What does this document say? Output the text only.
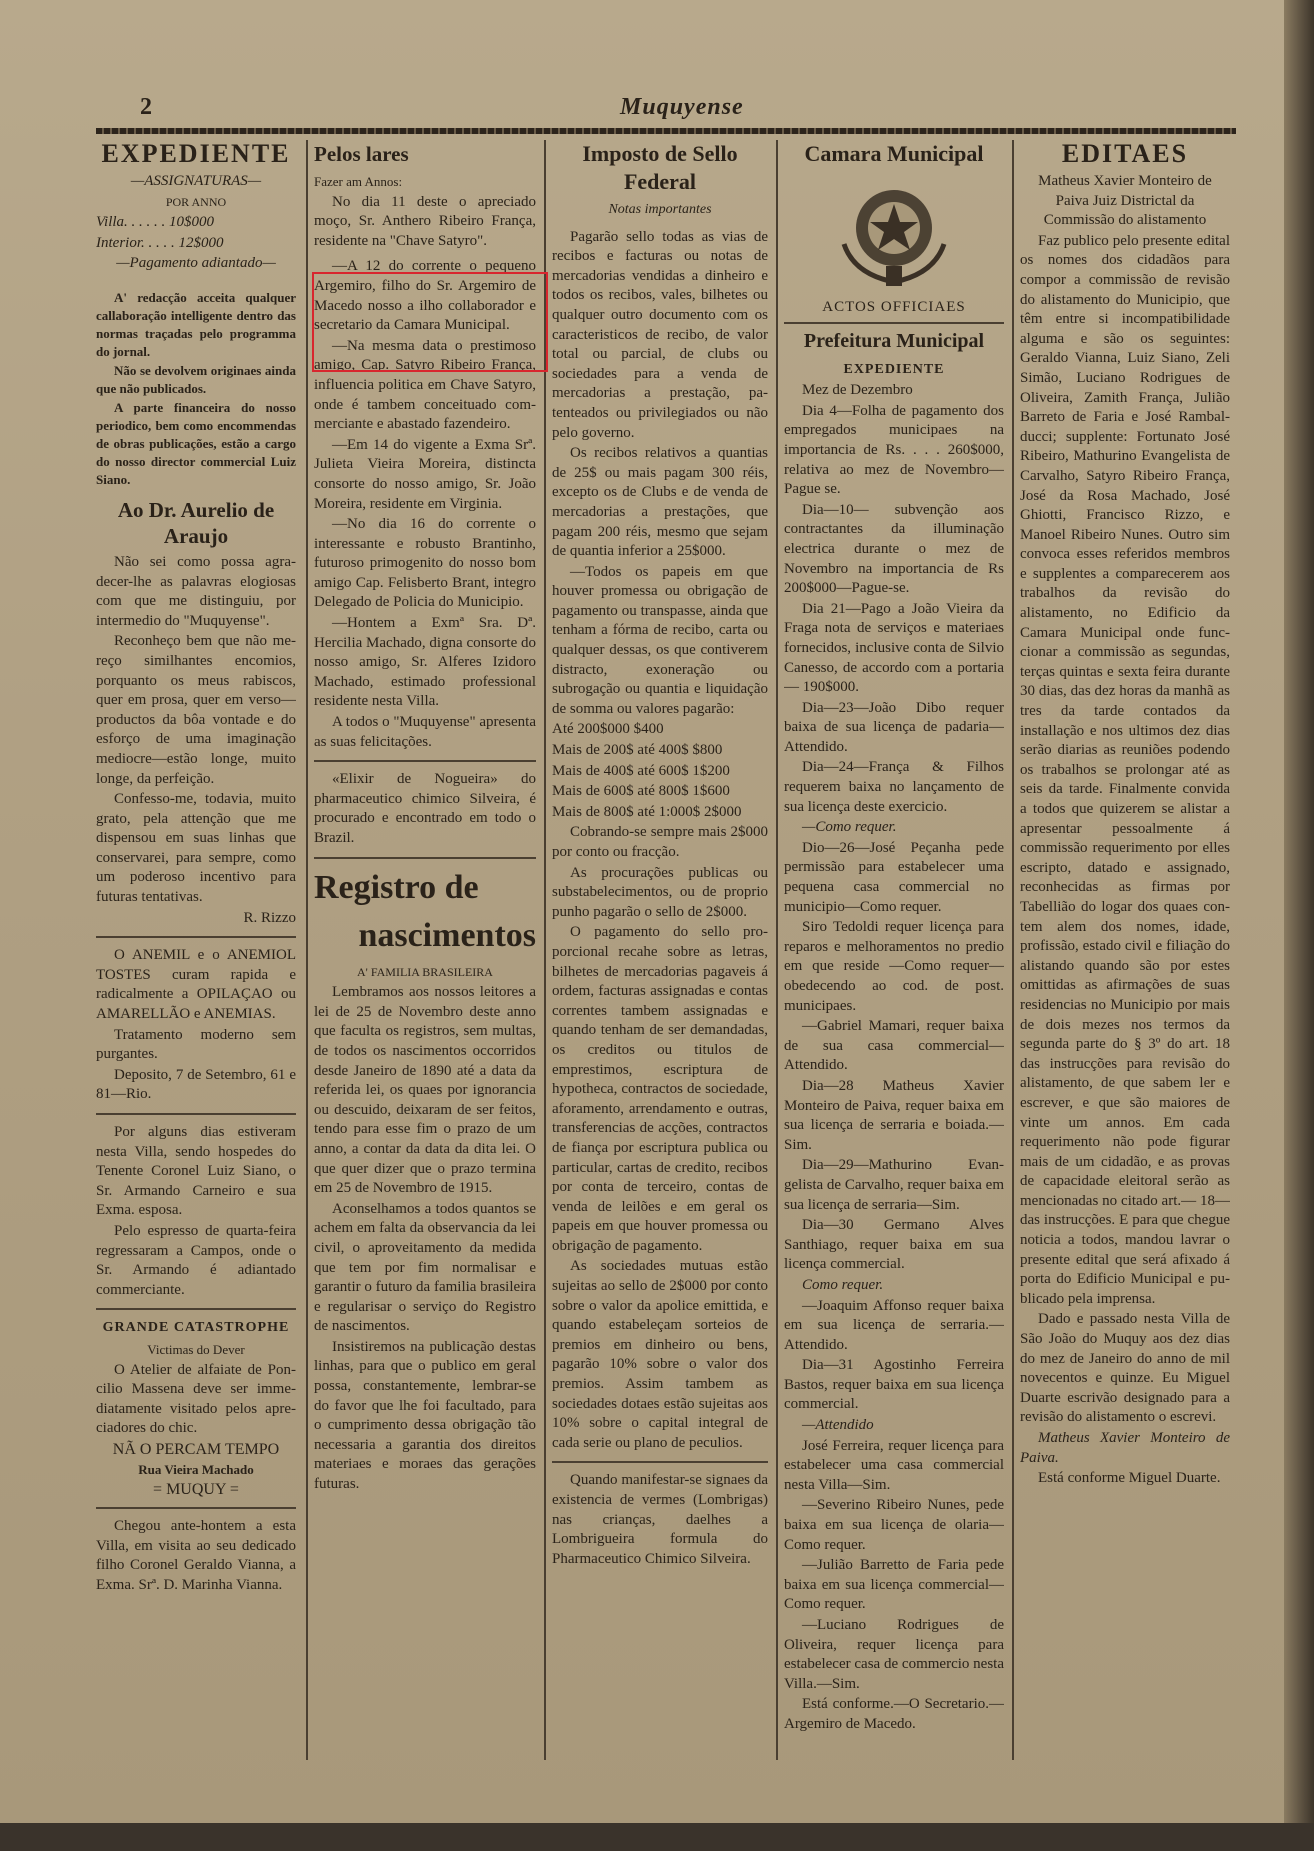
2	Muquyense
EXPEDIENTE

—ASSIGNATURAS—

POR ANNO

Villa. . . . . . 10$000

Interior. . . . . 12$000

—Pagamento adiantado—

A' redacção acceita qualquer callaboração intelligente dentro das normas traçadas pelo programma do jornal.

Não se devolvem originaes ainda que não publicados.

A parte financeira do nosso periodico, bem como encommendas de obras publicações, estão a cargo do nosso director commercial Luiz Siano.

Ao Dr. Aurelio de Araujo

Não sei como possa agradecer-lhe as palavras elogiosas com que me distinguiu, por intermedio do "Muquyense".

Reconheço bem que não mereço similhantes encomios, porquanto os meus rabiscos, quer em prosa, quer em verso— productos da bôa vontade e do esforço de uma imaginação mediocre—estão longe, muito longe, da perfeição.

Confesso-me, todavia, muito grato, pela attenção que me dispensou em suas linhas que conservarei, para sempre, como um poderoso incentivo para futuras tentativas.

R. Rizzo

O ANEMIL e o ANEMIOL TOSTES curam rapida e radicalmente a OPILAÇAO ou AMARELLÃO e ANEMIAS.

Tratamento moderno sem purgantes.

Deposito, 7 de Setembro, 61 e 81—Rio.

Por alguns dias estiveram nesta Villa, sendo hospedes do Tenente Coronel Luiz Siano, o Sr. Armando Carneiro e sua Exma. esposa.

Pelo espresso de quarta-feira regressaram a Campos, onde o Sr. Armando é adiantado commerciante.

GRANDE CATASTROPHE

Victimas do Dever

O Atelier de alfaiate de Poncilio Massena deve ser immediatamente visitado pelos apreciadores do chic.

NÃ O PERCAM TEMPO

Rua Vieira Machado

= MUQUY =

Chegou ante-hontem a esta Villa, em visita ao seu dedicado filho Coronel Geraldo Vianna, a Exma. Srª. D. Marinha Vianna.

Pelos lares

Fazer am Annos:

No dia 11 deste o apreciado moço, Sr. Anthero Ribeiro França, residente na "Chave Satyro".

—A 12 do corrente o pequeno Argemiro, filho do Sr. Argemiro de Macedo nosso a ilho collaborador e secretario da Camara Municipal.

—Na mesma data o prestimoso amigo, Cap. Satyro Ribeiro França, influencia politica em Chave Satyro, onde é tambem conceituado commerciante e abastado fazendeiro.

—Em 14 do vigente a Exma Srª. Julieta Vieira Moreira, distincta consorte do nosso amigo, Sr. João Moreira, residente em Virginia.

—No dia 16 do corrente o interessante e robusto Brantinho, futuroso primogenito do nosso bom amigo Cap. Felisberto Brant, integro Delegado de Policia do Municipio.

—Hontem a Exmª Sra. Dª. Hercilia Machado, digna consorte do nosso amigo, Sr. Alferes Izidoro Machado, estimado professional residente nesta Villa.

A todos o "Muquyense" apresenta as suas felicitações.

«Elixir de Nogueira» do pharmaceutico chimico Silveira, é procurado e encontrado em todo o Brazil.

Registro de
nascimentos

A' FAMILIA BRASILEIRA

Lembramos aos nossos leitores a lei de 25 de Novembro deste anno que faculta os registros, sem multas, de todos os nascimentos occorridos desde Janeiro de 1890 até a data da referida lei, os quaes por ignorancia ou descuido, deixaram de ser feitos, tendo para esse fim o prazo de um anno, a contar da data da dita lei. O que quer dizer que o prazo termina em 25 de Novembro de 1915.

Aconselhamos a todos quantos se achem em falta da observancia da lei civil, o aproveitamento da medida que tem por fim normalisar e garantir o futuro da familia brasileira e regularisar o serviço do Registro de nascimentos.

Insistiremos na publicação destas linhas, para que o publico em geral possa, constantemente, lembrar-se do favor que lhe foi facultado, para o cumprimento dessa obrigação tão necessaria a garantia dos direitos materiaes e moraes das gerações futuras.

Imposto de Sello Federal

Notas importantes

Pagarão sello todas as vias de recibos e facturas ou notas de mercadorias vendidas a dinheiro e todos os recibos, vales, bilhetes ou qualquer outro documento com os caracteristicos de recibo, de valor total ou parcial, de clubs ou sociedades para a venda de mercadorias a prestação, patenteados ou privilegiados ou não pelo governo.

Os recibos relativos a quantias de 25$ ou mais pagam 300 réis, excepto os de Clubs e de venda de mercadorias a prestações, que pagam 200 réis, mesmo que sejam de quantia inferior a 25$000.

—Todos os papeis em que houver promessa ou obrigação de pagamento ou transpasse, ainda que tenham a fórma de recibo, carta ou qualquer dessas, os que contiverem distracto, exoneração ou subrogação ou quantia e liquidação de somma ou valores pagarão:

Até 200$000 $400

Mais de 200$ até 400$ $800

Mais de 400$ até 600$ 1$200

Mais de 600$ até 800$ 1$600

Mais de 800$ até 1:000$ 2$000

Cobrando-se sempre mais 2$000 por conto ou fracção.

As procurações publicas ou substabelecimentos, ou de proprio punho pagarão o sello de 2$000.

O pagamento do sello proporcional recahe sobre as letras, bilhetes de mercadorias pagaveis á ordem, facturas assignadas e contas correntes tambem assignadas e quando tenham de ser demandadas, os creditos ou titulos de emprestimos, escriptura de hypotheca, contractos de sociedade, aforamento, arrendamento e outras, transferencias de acções, contractos de fiança por escriptura publica ou particular, cartas de credito, recibos por conta de terceiro, contas de venda de leilões e em geral os papeis em que houver promessa ou obrigação de pagamento.

As sociedades mutuas estão sujeitas ao sello de 2$000 por conto sobre o valor da apolice emittida, e quando estabeleçam sorteios de premios em dinheiro ou bens, pagarão 10% sobre o valor dos premios. Assim tambem as sociedades dotaes estão sujeitas aos 10% sobre o capital integral de cada serie ou plano de peculios.

Quando manifestar-se signaes da existencia de vermes (Lombrigas) nas crianças, daelhes a Lombrigueira formula do Pharmaceutico Chimico Silveira.

Camara Municipal

ACTOS OFFICIAES

Prefeitura Municipal
EXPEDIENTE

Mez de Dezembro

Dia 4—Folha de pagamento dos empregados municipaes na importancia de Rs. . . . 260$000, relativa ao mez de Novembro—Pague se.

Dia—10— subvenção aos contractantes da illuminação electrica durante o mez de Novembro na importancia de Rs 200$000—Pague-se.

Dia 21—Pago a João Vieira da Fraga nota de serviços e materiaes fornecidos, inclusive conta de Silvio Canesso, de accordo com a portaria— 190$000.

Dia—23—João Dibo requer baixa de sua licença de padaria—Attendido.

Dia—24—França & Filhos requerem baixa no lançamento de sua licença deste exercicio.

—Como requer.

Dio—26—José Peçanha pede permissão para estabelecer uma pequena casa commercial no municipio—Como requer.

Siro Tedoldi requer licença para reparos e melhoramentos no predio em que reside —Como requer—obedecendo ao cod. de post. municipaes.

—Gabriel Mamari, requer baixa de sua casa commercial— Attendido.

Dia—28 Matheus Xavier Monteiro de Paiva, requer baixa em sua licença de serraria e boiada.—Sim.

Dia—29—Mathurino Evangelista de Carvalho, requer baixa em sua licença de serraria—Sim.

Dia—30 Germano Alves Santhiago, requer baixa em sua licença commercial.

Como requer.

—Joaquim Affonso requer baixa em sua licença de serraria.—Attendido.

Dia—31 Agostinho Ferreira Bastos, requer baixa em sua licença commercial.

—Attendido

José Ferreira, requer licença para estabelecer uma casa commercial nesta Villa—Sim.

—Severino Ribeiro Nunes, pede baixa em sua licença de olaria—Como requer.

—Julião Barretto de Faria pede baixa em sua licença commercial—Como requer.

—Luciano Rodrigues de Oliveira, requer licença para estabelecer casa de commercio nesta Villa.—Sim.

Está conforme.—O Secretario.—Argemiro de Macedo.

EDITAES

Matheus Xavier Monteiro de Paiva Juiz Districtal da Commissão do alistamento

Faz publico pelo presente edital os nomes dos cidadãos para compor a commissão de revisão do alistamento do Municipio, que têm entre si incompatibilidade alguma e são os seguintes: Geraldo Vianna, Luiz Siano, Zeli Simão, Luciano Rodrigues de Oliveira, Zamith França, Julião Barreto de Faria e José Rambalducci; supplente: Fortunato José Ribeiro, Mathurino Evangelista de Carvalho, Satyro Ribeiro França, José da Rosa Machado, José Ghiotti, Francisco Rizzo, e Manoel Ribeiro Nunes. Outro sim convoca esses referidos membros e supplentes a comparecerem aos trabalhos da revisão do alistamento, no Edificio da Camara Municipal onde funccionar a commissão as segundas, terças quintas e sexta feira durante 30 dias, das dez horas da manhã as tres da tarde contados da installação e nos ultimos dez dias serão diarias as reuniões podendo os trabalhos se prolongar até as seis da tarde. Finalmente convida a todos que quizerem se alistar a apresentar pessoalmente á commissão requerimento por elles escripto, datado e assignado, reconhecidas as firmas por Tabellião do logar dos quaes contem alem dos nomes, idade, profissão, estado civil e filiação do alistando quando são por estes omittidas as afirmações de suas residencias no Municipio por mais de dois mezes nos termos da segunda parte do § 3º do art. 18 das instrucções para revisão do alistamento, de que sabem ler e escrever, e que são maiores de vinte um annos. Em cada requerimento não pode figurar mais de um cidadão, e as provas de capacidade eleitoral serão as mencionadas no citado art.— 18—das instrucções. E para que chegue noticia a todos, mandou lavrar o presente edital que será afixado á porta do Edificio Municipal e publicado pela imprensa.

Dado e passado nesta Villa de São João do Muquy aos dez dias do mez de Janeiro do anno de mil novecentos e quinze. Eu Miguel Duarte escrivão designado para a revisão do alistamento o escrevi.

Matheus Xavier Monteiro de Paiva.

Está conforme Miguel Duarte.
